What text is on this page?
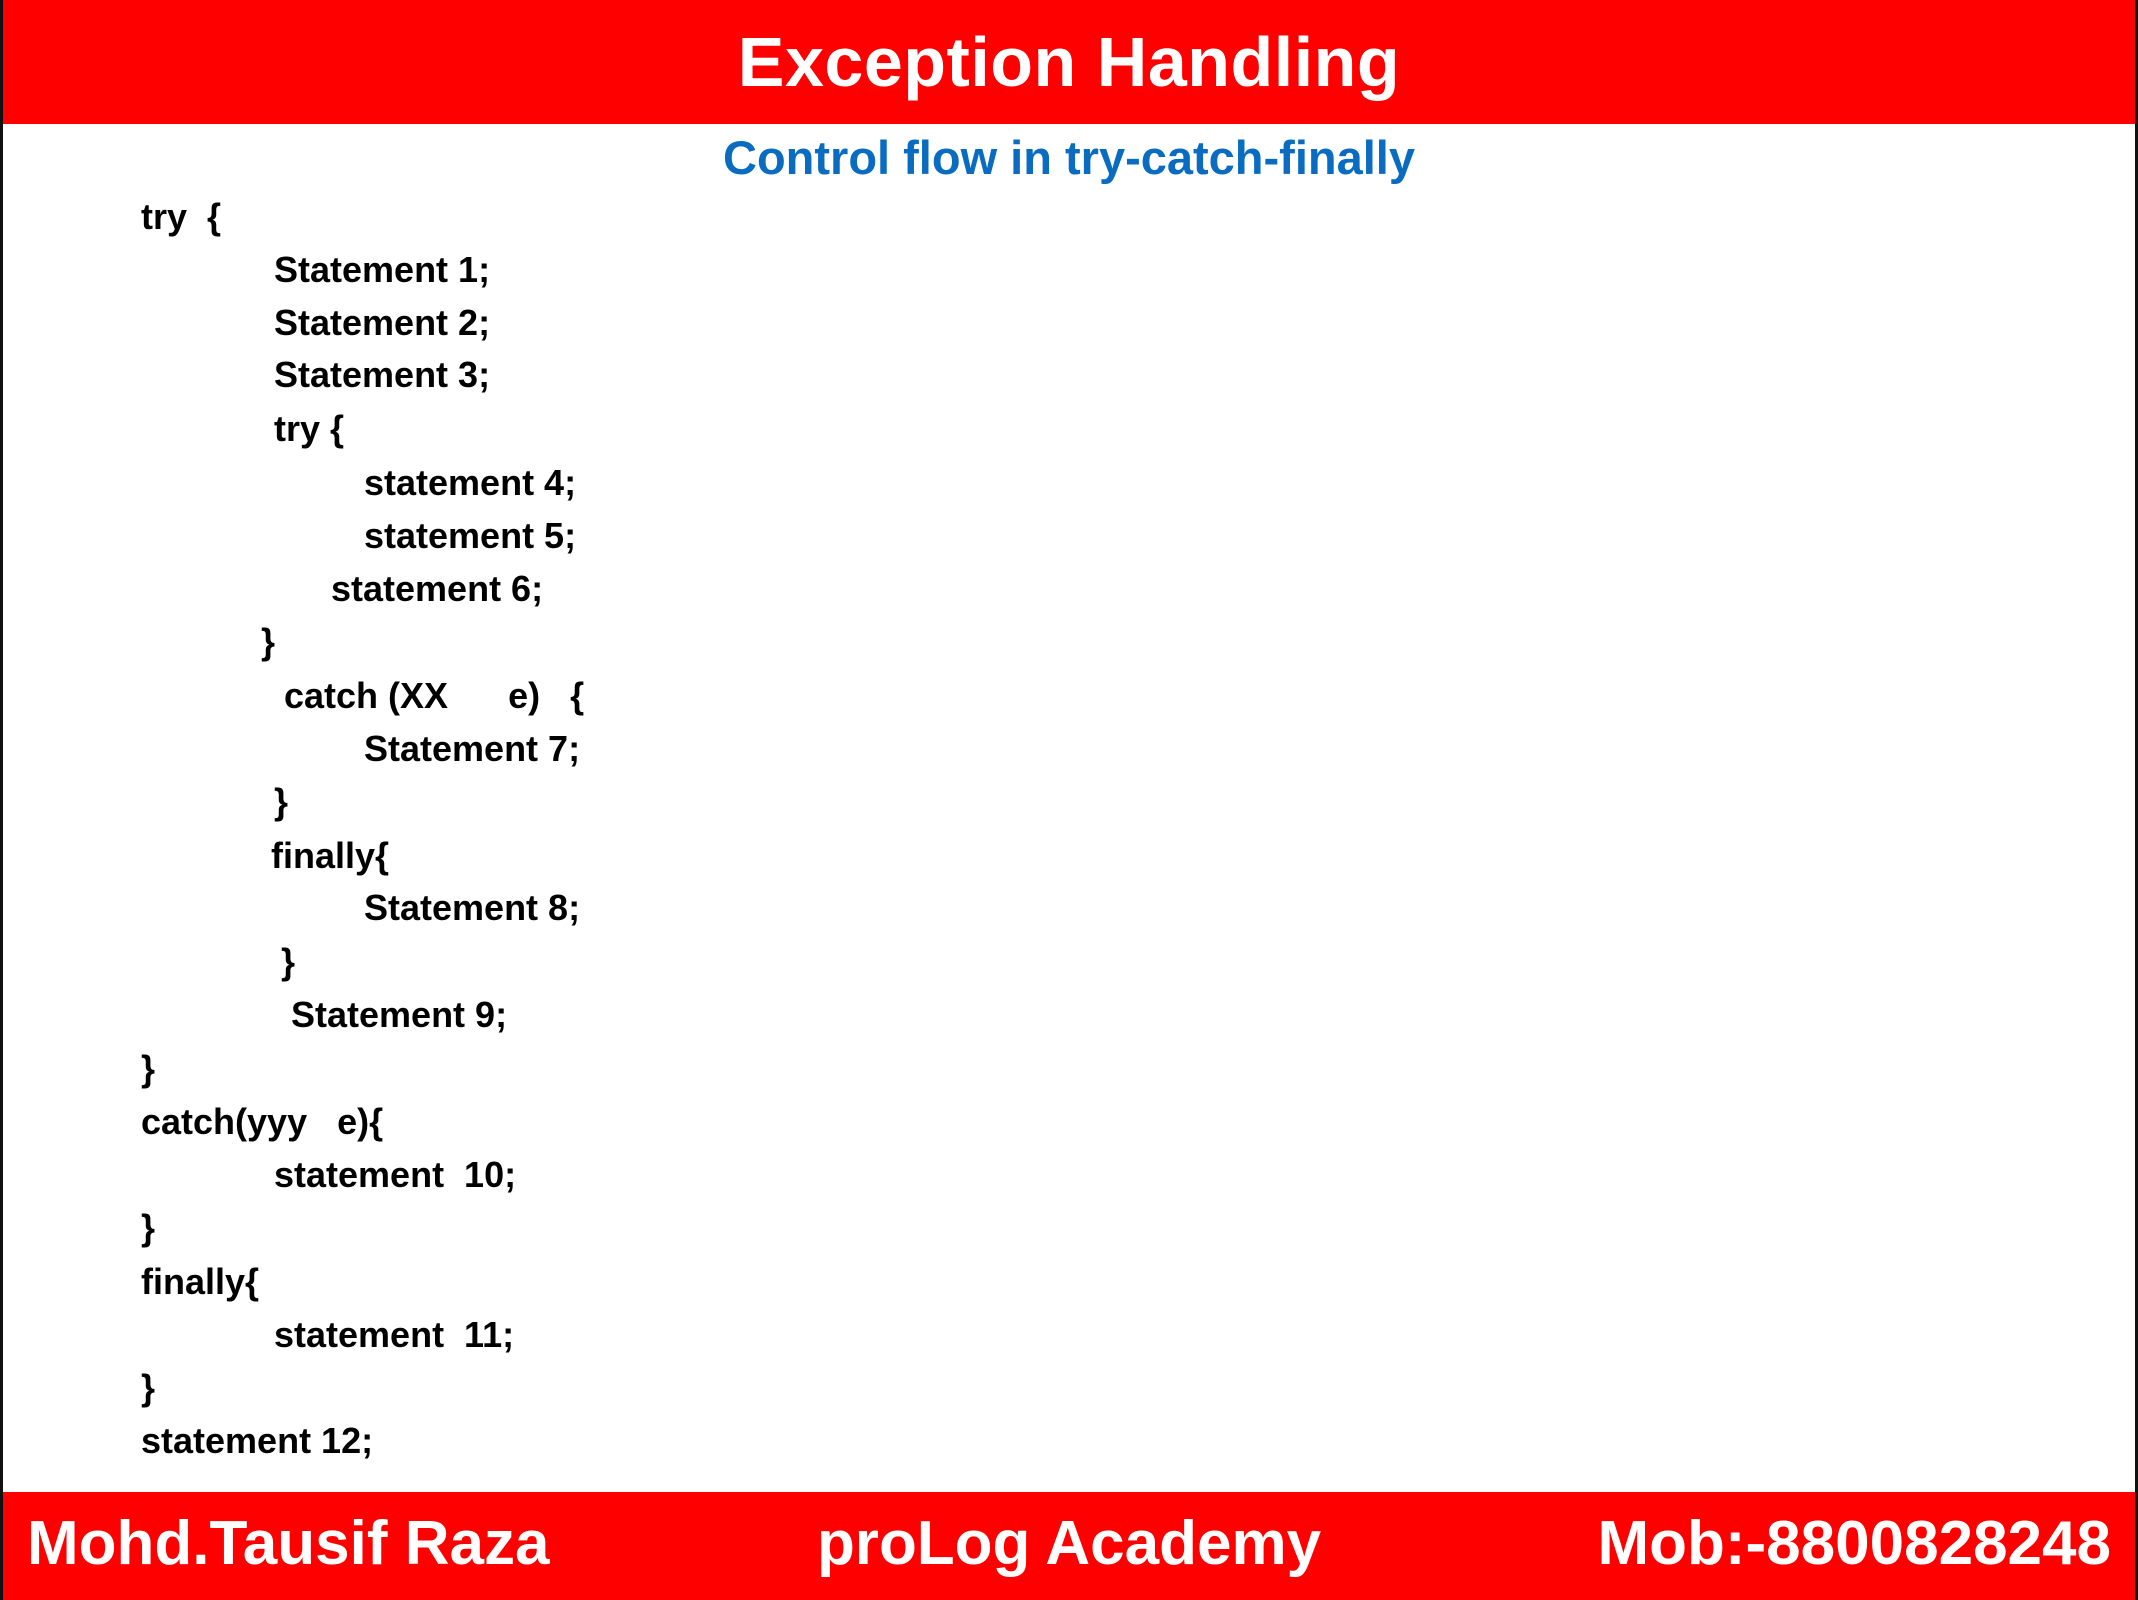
Exception Handling
Control flow in try-catch-finally
try  {
Statement 1;
Statement 2;
Statement 3;
try {
statement 4;
statement 5;
statement 6;
}
catch (XX      e)   {
Statement 7;
}
finally{
Statement 8;
}
Statement 9;
}
catch(yyy   e){
statement  10;
}
finally{
statement  11;
}
statement 12;
proLog Academy
Mohd.Tausif Raza	Mob:-8800828248
